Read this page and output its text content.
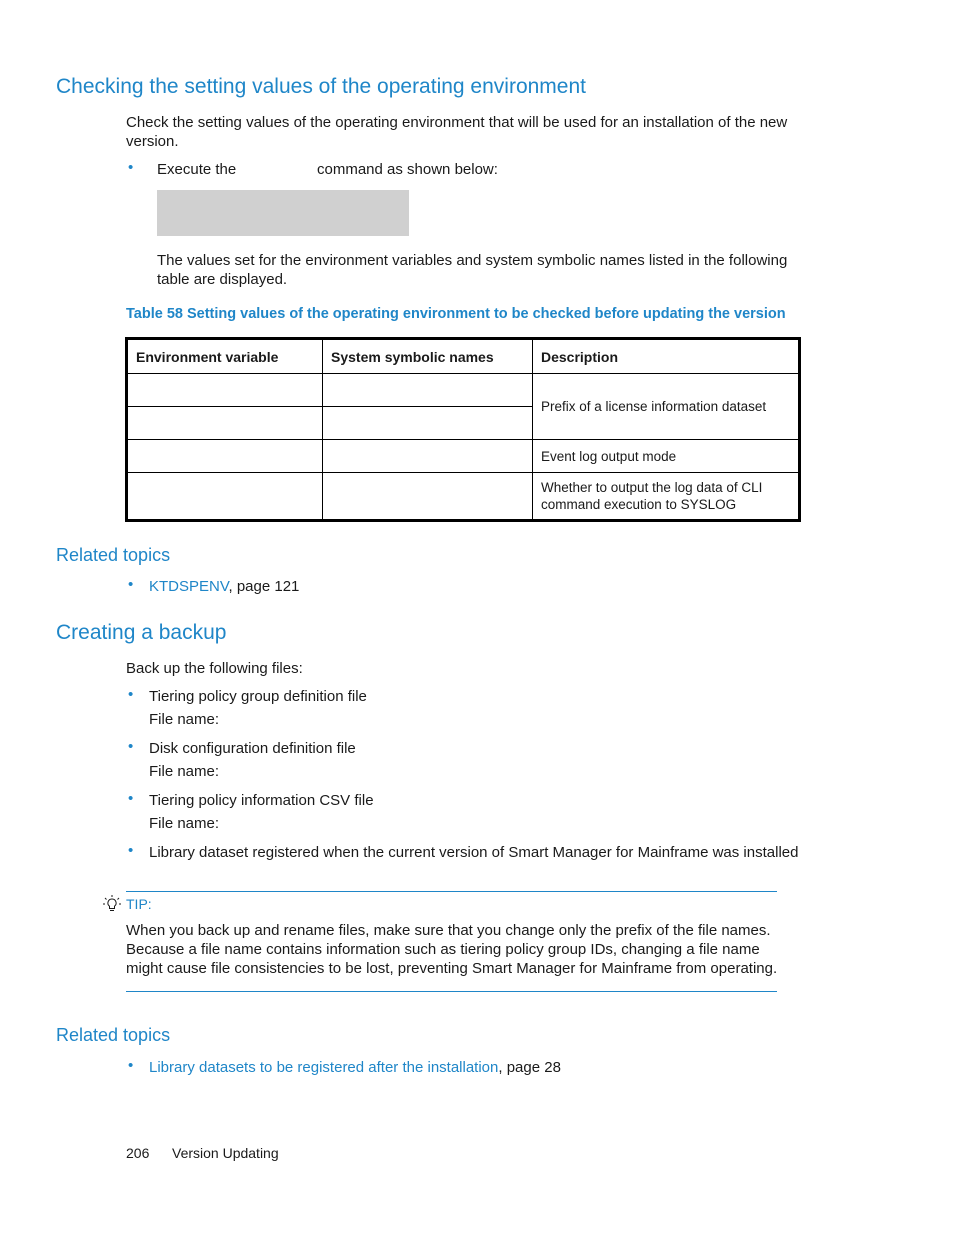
Checking the setting values of the operating environment
Check the setting values of the operating environment that will be used for an installation of the new version.
• Execute the	command as shown below:
The values set for the environment variables and system symbolic names listed in the following table are displayed.
Table 58 Setting values of the operating environment to be checked before updating the version
Environment variable	System symbolic names	Description
		Prefix of a license information dataset

		Event log output mode
		Whether to output the log data of CLI command execution to SYSLOG
Related topics
• KTDSPENV, page 121
Creating a backup
Back up the following files:
• Tiering policy group definition file
File name:
• Disk configuration definition file
File name:
• Tiering policy information CSV file
File name:
• Library dataset registered when the current version of Smart Manager for Mainframe was installed
TIP:
When you back up and rename files, make sure that you change only the prefix of the file names. Because a file name contains information such as tiering policy group IDs, changing a file name might cause file consistencies to be lost, preventing Smart Manager for Mainframe from operating.
Related topics
• Library datasets to be registered after the installation, page 28
206 Version Updating
